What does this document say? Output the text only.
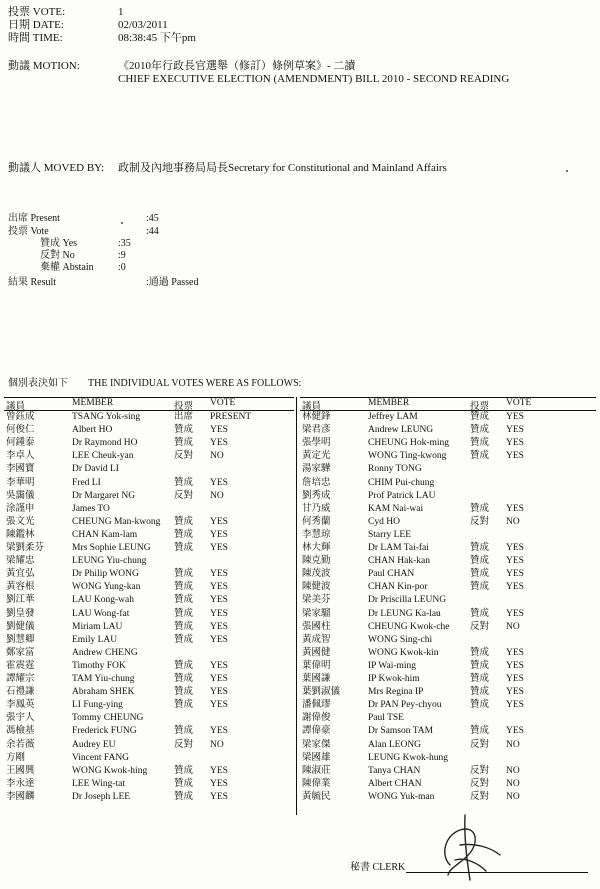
投票 VOTE:	1
日期 DATE:	02/03/2011
時間 TIME:	08:38:45 下午pm
動議 MOTION:	《2010年行政長官選舉（修訂）條例草案》- 二讀
CHIEF EXECUTIVE ELECTION (AMENDMENT) BILL 2010 - SECOND READING
動議人 MOVED BY: 政制及內地事務局局長Secretary for Constitutional and Mainland Affairs
出席 Present	:45
投票 Vote	:44
贊成 Yes	:35
反對 No	:9
棄權 Abstain :0
結果 Result	:通過 Passed
個別表決如下 THE INDIVIDUAL VOTES WERE AS FOLLOWS:
議員	MEMBER	投票 VOTE	議員	MEMBER	投票 VOTE
曾鈺成	TSANG Yok-sing	出席 PRESENT
何俊仁	Albert HO	贊成 YES
何鍾泰	Dr Raymond HO	贊成 YES
李卓人	LEE Cheuk-yan	反對 NO
李國寶	Dr David LI
李華明	Fred LI	贊成 YES
吳靄儀	Dr Margaret NG	反對 NO
涂謹申	James TO
張文光	CHEUNG Man-kwong 贊成 YES
陳鑑林	CHAN Kam-lam	贊成 YES
梁劉柔芬	Mrs Sophie LEUNG 贊成 YES
梁耀忠	LEUNG Yiu-chung
黃宜弘	Dr Philip WONG	贊成 YES
黃容根	WONG Yung-kan	贊成 YES
劉江華	LAU Kong-wah	贊成 YES
劉皇發	LAU Wong-fat	贊成 YES
劉健儀	Miriam LAU	贊成 YES
劉慧卿	Emily LAU	贊成 YES
鄭家富	Andrew CHENG
霍震霆	Timothy FOK	贊成 YES
譚耀宗	TAM Yiu-chung	贊成 YES
石禮謙	Abraham SHEK	贊成 YES
李鳳英	LI Fung-ying	贊成 YES
張宇人	Tommy CHEUNG
馮檢基	Frederick FUNG	贊成 YES
余若薇	Audrey EU	反對 NO
方剛	Vincent FANG
王國興	WONG Kwok-hing	贊成 YES
李永達	LEE Wing-tat	贊成 YES
李國麟	Dr Joseph LEE	贊成 YES
林健鋒	Jeffrey LAM	贊成 YES
梁君彥	Andrew LEUNG	贊成 YES
張學明	CHEUNG Hok-ming 贊成 YES
黃定光	WONG Ting-kwong 贊成 YES
湯家驊	Ronny TONG
詹培忠	CHIM Pui-chung
劉秀成	Prof Patrick LAU
甘乃威	KAM Nai-wai	贊成 YES
何秀蘭	Cyd HO	反對 NO
李慧琼	Starry LEE
林大輝	Dr LAM Tai-fai	贊成 YES
陳克勤	CHAN Hak-kan	贊成 YES
陳茂波	Paul CHAN	贊成 YES
陳健波	CHAN Kin-por	贊成 YES
梁美芬	Dr Priscilla LEUNG
梁家騮	Dr LEUNG Ka-lau	贊成 YES
張國柱	CHEUNG Kwok-che 反對 NO
黃成智	WONG Sing-chi
黃國健	WONG Kwok-kin	贊成 YES
葉偉明	IP Wai-ming	贊成 YES
葉國謙	IP Kwok-him	贊成 YES
葉劉淑儀	Mrs Regina IP	贊成 YES
潘佩璆	Dr PAN Pey-chyou	贊成 YES
謝偉俊	Paul TSE
譚偉豪	Dr Samson TAM	贊成 YES
梁家傑	Alan LEONG	反對 NO
梁國雄	LEUNG Kwok-hung
陳淑莊	Tanya CHAN	反對 NO
陳偉業	Albert CHAN	反對 NO
黃毓民	WONG Yuk-man	反對 NO
秘書 CLERK
